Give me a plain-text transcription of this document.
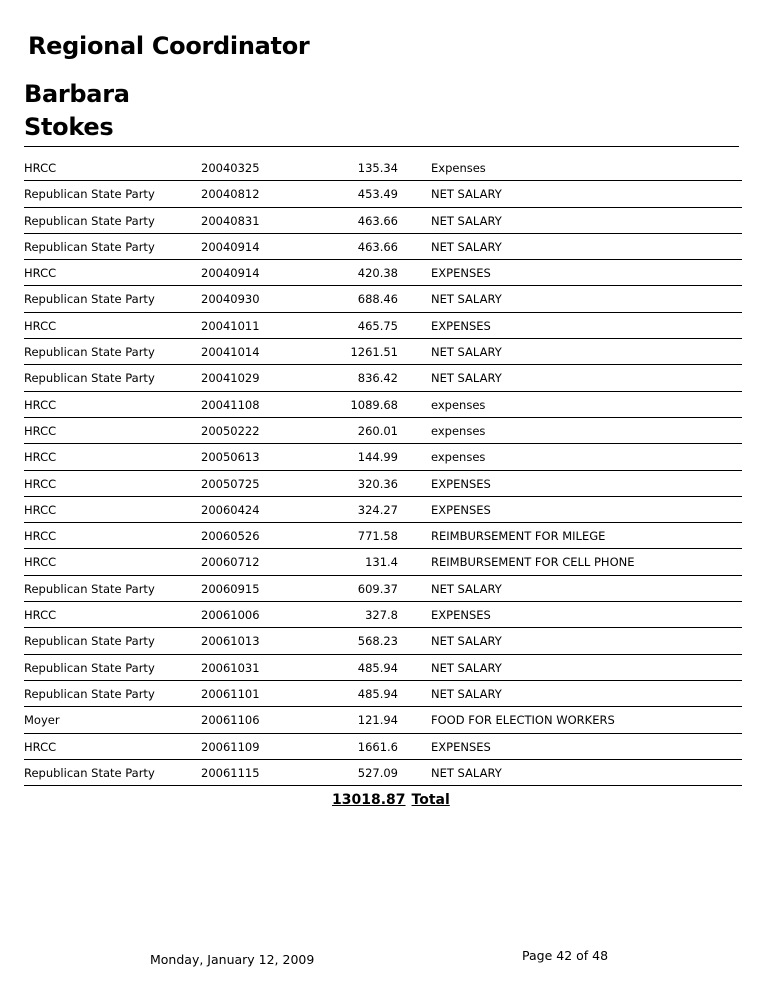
Regional Coordinator
Barbara Stokes
HRCC	20040325	135.34	Expenses
Republican State Party	20040812	453.49	NET SALARY
Republican State Party	20040831	463.66	NET SALARY
Republican State Party	20040914	463.66	NET SALARY
HRCC	20040914	420.38	EXPENSES
Republican State Party	20040930	688.46	NET SALARY
HRCC	20041011	465.75	EXPENSES
Republican State Party	20041014	1261.51	NET SALARY
Republican State Party	20041029	836.42	NET SALARY
HRCC	20041108	1089.68	expenses
HRCC	20050222	260.01	expenses
HRCC	20050613	144.99	expenses
HRCC	20050725	320.36	EXPENSES
HRCC	20060424	324.27	EXPENSES
HRCC	20060526	771.58	REIMBURSEMENT FOR MILEGE
HRCC	20060712	131.4	REIMBURSEMENT FOR CELL PHONE
Republican State Party	20060915	609.37	NET SALARY
HRCC	20061006	327.8	EXPENSES
Republican State Party	20061013	568.23	NET SALARY
Republican State Party	20061031	485.94	NET SALARY
Republican State Party	20061101	485.94	NET SALARY
Moyer	20061106	121.94	FOOD FOR ELECTION WORKERS
HRCC	20061109	1661.6	EXPENSES
Republican State Party	20061115	527.09	NET SALARY
13018.87 Total
Monday, January 12, 2009	Page 42 of 48
